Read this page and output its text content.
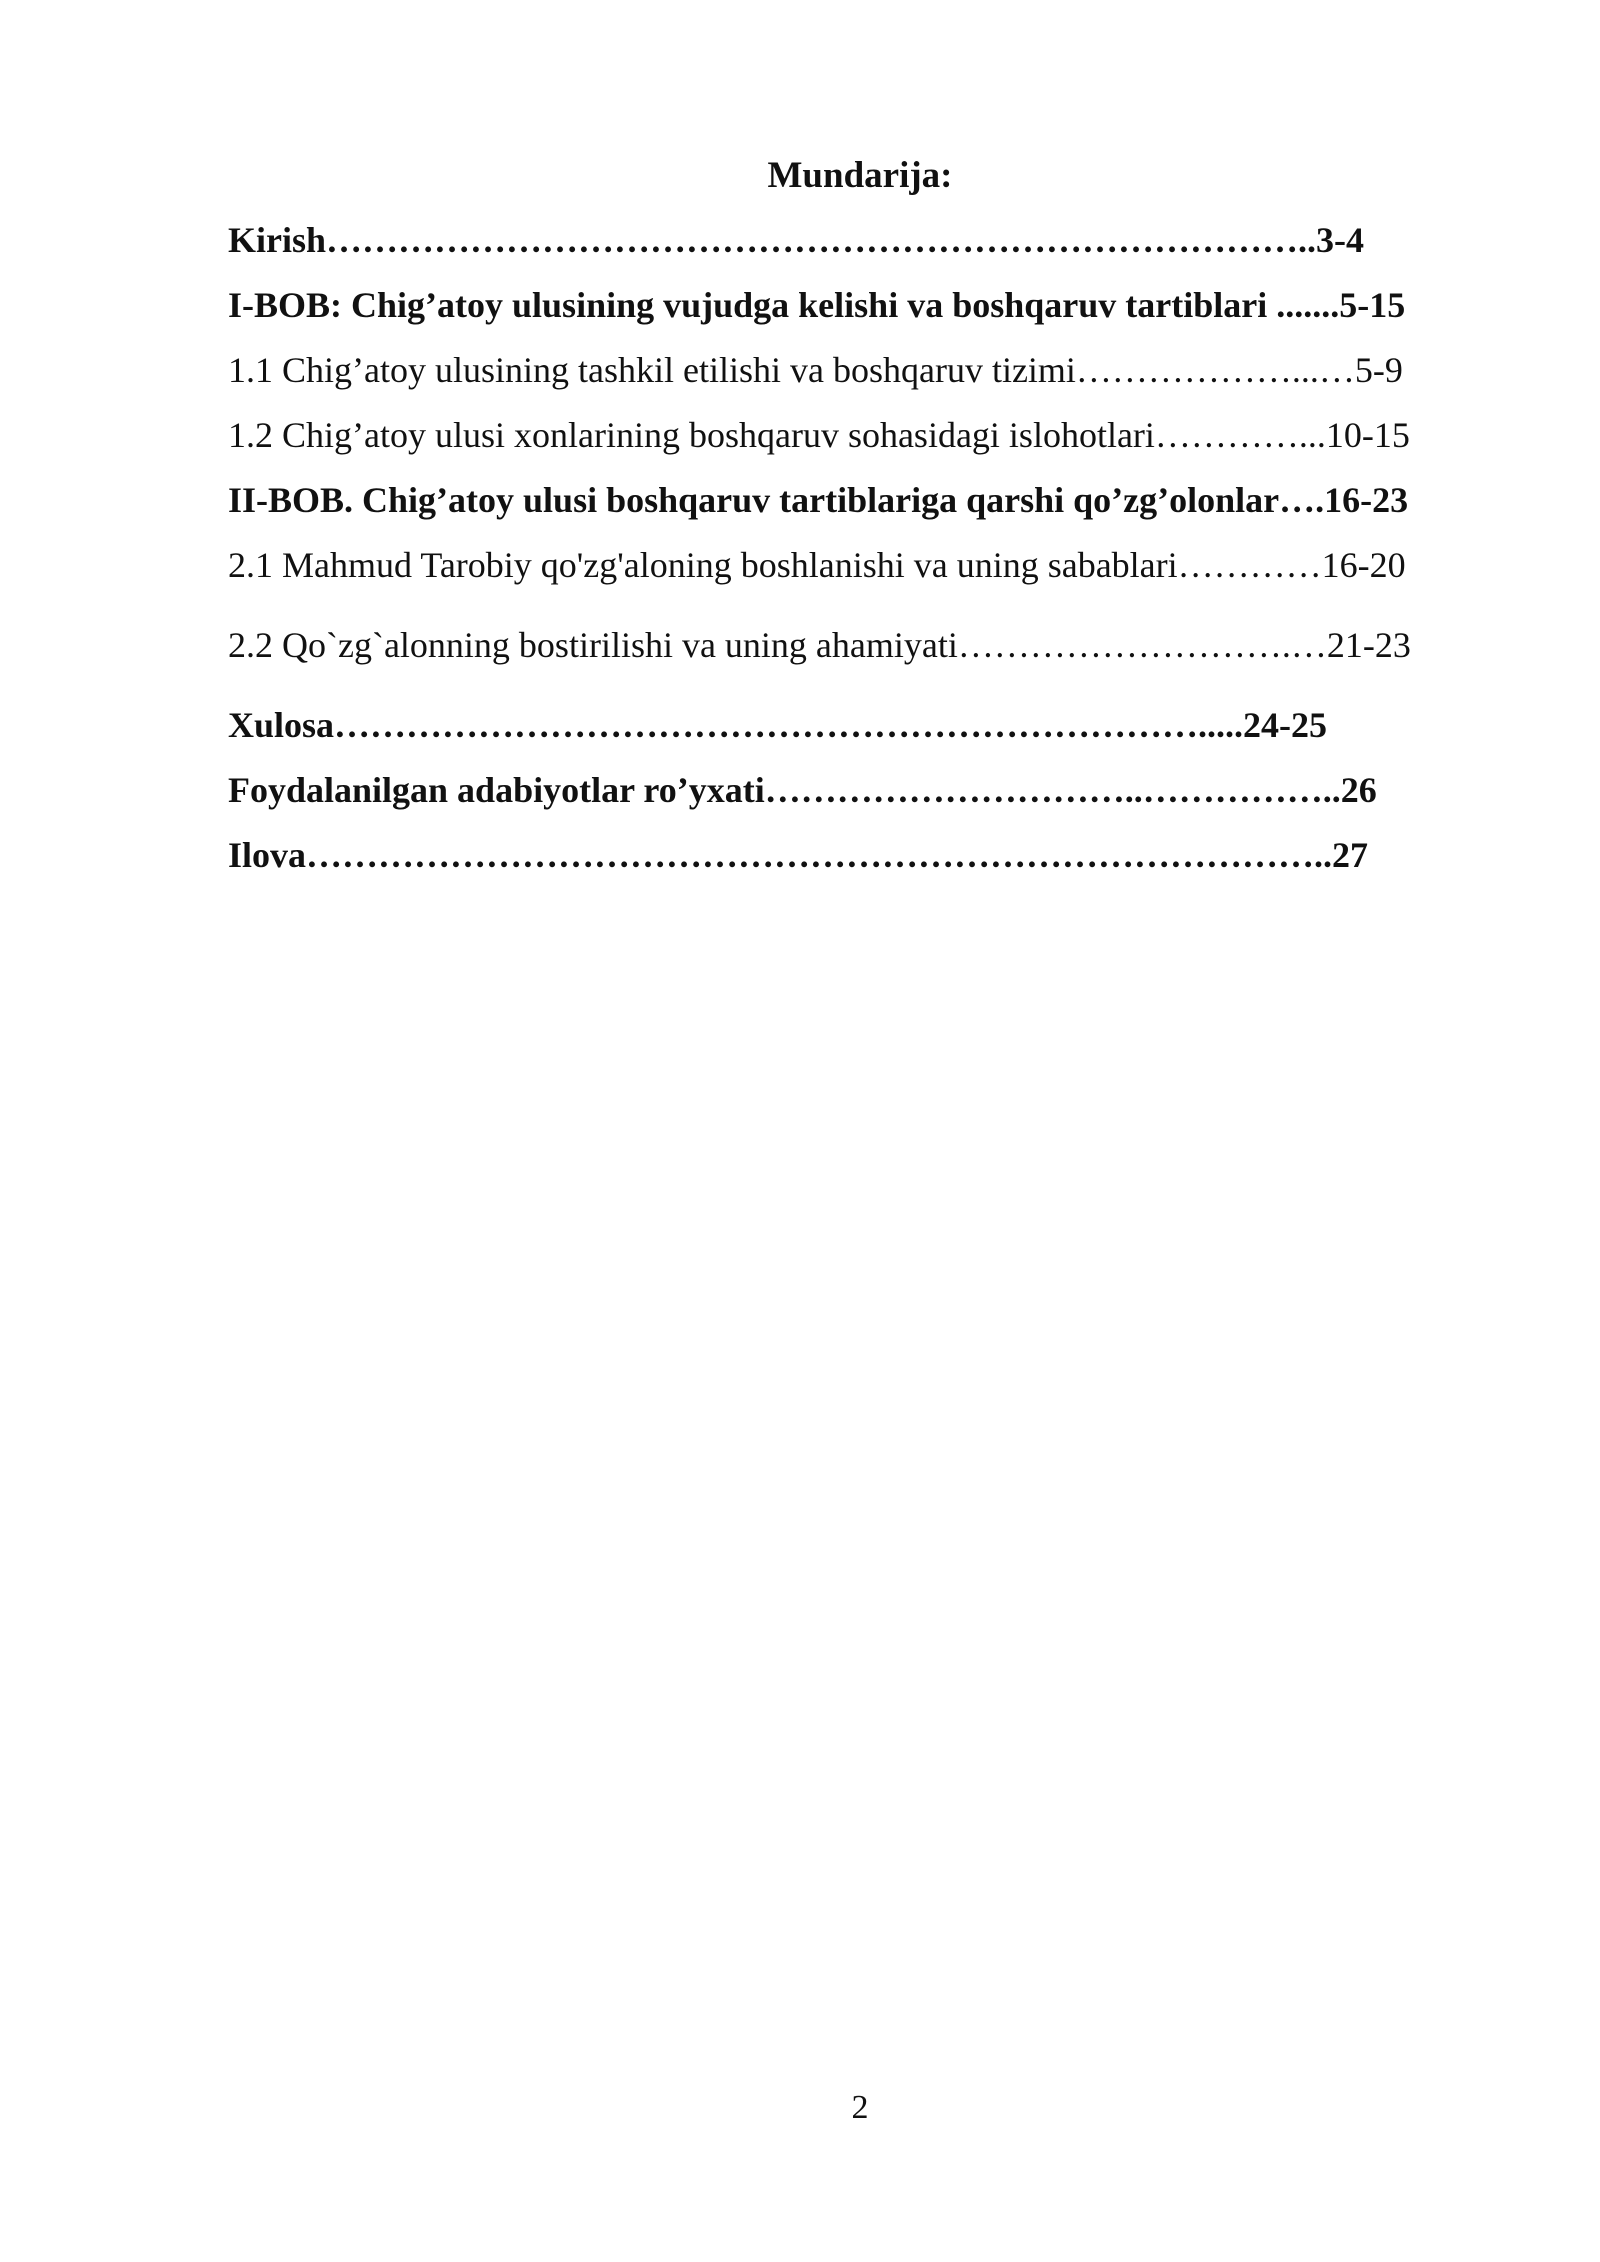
Mundarija:
Kirish………………………………………………………………………..3-4
I-BOB: Chig’atoy ulusining vujudga kelishi va boshqaruv tartiblari .......5-15
1.1 Chig’atoy ulusining tashkil etilishi va boshqaruv tizimi………………...…5-9
1.2 Chig’atoy ulusi xonlarining boshqaruv sohasidagi islohotlari…………...10-15
II-BOB. Chig’atoy ulusi boshqaruv tartiblariga qarshi qo’zg’olonlar….16-23
2.1 Mahmud Tarobiy qo'zg'aloning boshlanishi va uning sabablari…………16-20
2.2 Qo`zg`alonning bostirilishi va uning ahamiyati……………………….…21-23
Xulosa……………………………………………………………….....24-25
Foydalanilgan adabiyotlar ro’yxati…………………………..……………..26
Ilova…………………………………………………………………………..27
2
